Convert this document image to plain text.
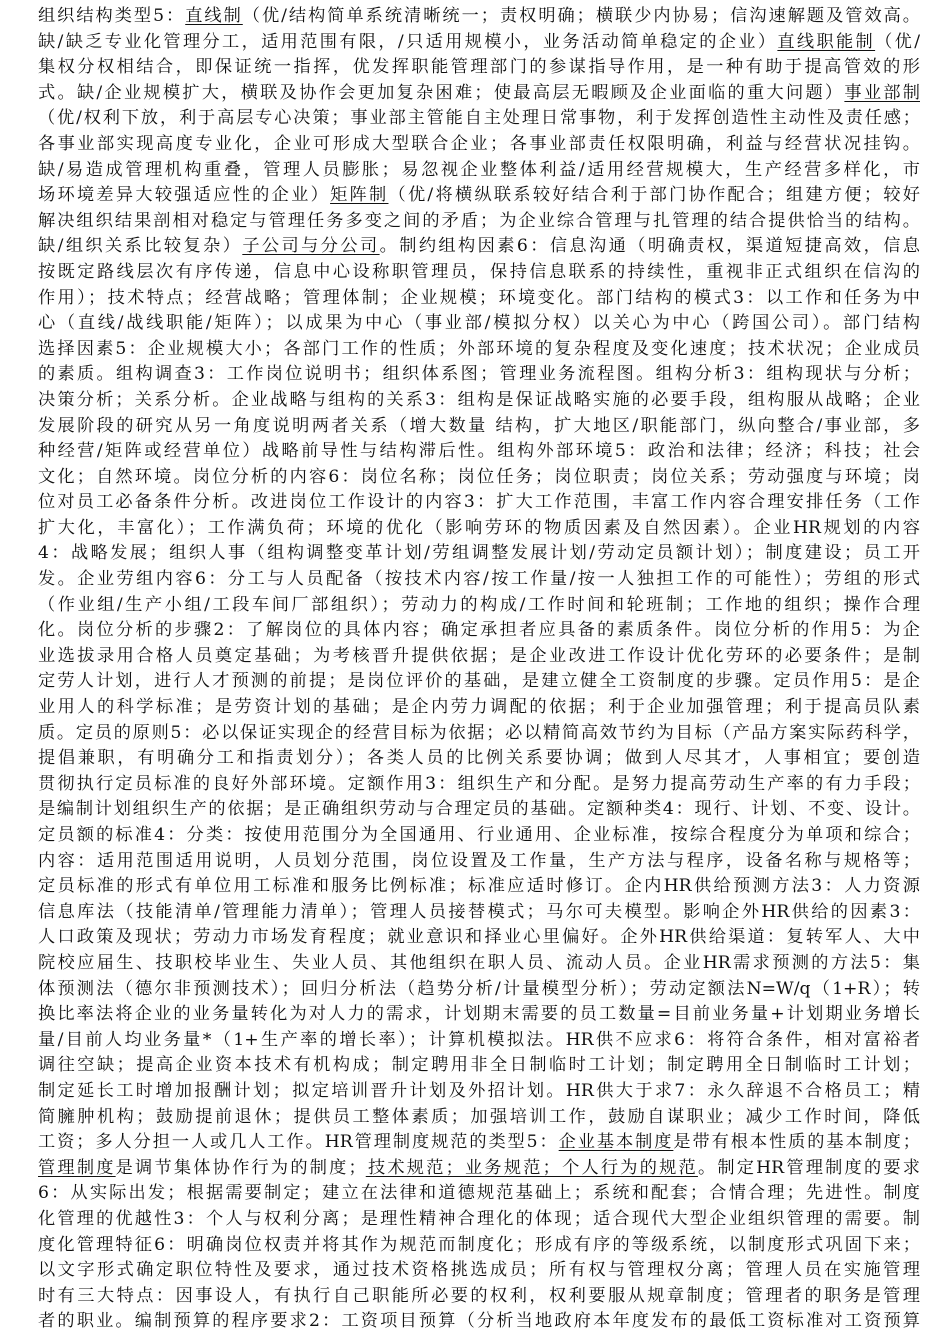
组织结构类型5：直线制（优/结构简单系统清晰统一；责权明确；横联少内协易；信沟速解题及管效高。
缺/缺乏专业化管理分工，适用范围有限，/只适用规模小，业务活动简单稳定的企业）直线职能制（优/
集权分权相结合，即保证统一指挥，优发挥职能管理部门的参谋指导作用，是一种有助于提高管效的形
式。缺/企业规模扩大，横联及协作会更加复杂困难；使最高层无暇顾及企业面临的重大问题）事业部制
（优/权利下放，利于高层专心决策；事业部主管能自主处理日常事物，利于发挥创造性主动性及责任感；
各事业部实现高度专业化，企业可形成大型联合企业；各事业部责任权限明确，利益与经营状况挂钩。
缺/易造成管理机构重叠，管理人员膨胀；易忽视企业整体利益/适用经营规模大，生产经营多样化，市
场环境差异大较强适应性的企业）矩阵制（优/将横纵联系较好结合利于部门协作配合；组建方便；较好
解决组织结果剖相对稳定与管理任务多变之间的矛盾；为企业综合管理与扎管理的结合提供恰当的结构。
缺/组织关系比较复杂）子公司与分公司。制约组构因素6：信息沟通（明确责权，渠道短捷高效，信息
按既定路线层次有序传递，信息中心设称职管理员，保持信息联系的持续性，重视非正式组织在信沟的
作用）；技术特点；经营战略；管理体制；企业规模；环境变化。部门结构的模式3：以工作和任务为中
心（直线/战线职能/矩阵）；以成果为中心（事业部/模拟分权）以关心为中心（跨国公司）。部门结构
选择因素5：企业规模大小；各部门工作的性质；外部环境的复杂程度及变化速度；技术状况；企业成员
的素质。组构调查3：工作岗位说明书；组织体系图；管理业务流程图。组构分析3：组构现状与分析；
决策分析；关系分析。企业战略与组构的关系3：组构是保证战略实施的必要手段，组构服从战略；企业
发展阶段的研究从另一角度说明两者关系（增大数量 结构，扩大地区/职能部门，纵向整合/事业部，多
种经营/矩阵或经营单位）战略前导性与结构滞后性。组构外部环境5：政治和法律；经济；科技；社会
文化；自然环境。岗位分析的内容6：岗位名称；岗位任务；岗位职责；岗位关系；劳动强度与环境；岗
位对员工必备条件分析。改进岗位工作设计的内容3：扩大工作范围，丰富工作内容合理安排任务（工作
扩大化，丰富化）；工作满负荷；环境的优化（影响劳环的物质因素及自然因素）。企业HR规划的内容
4：战略发展；组织人事（组构调整变革计划/劳组调整发展计划/劳动定员额计划）；制度建设；员工开
发。企业劳组内容6：分工与人员配备（按技术内容/按工作量/按一人独担工作的可能性）；劳组的形式
（作业组/生产小组/工段车间厂部组织）；劳动力的构成/工作时间和轮班制；工作地的组织；操作合理
化。岗位分析的步骤2：了解岗位的具体内容；确定承担者应具备的素质条件。岗位分析的作用5：为企
业选拔录用合格人员奠定基础；为考核晋升提供依据；是企业改进工作设计优化劳环的必要条件；是制
定劳人计划，进行人才预测的前提；是岗位评价的基础，是建立健全工资制度的步骤。定员作用5：是企
业用人的科学标准；是劳资计划的基础；是企内劳力调配的依据；利于企业加强管理；利于提高员队素
质。定员的原则5：必以保证实现企的经营目标为依据；必以精简高效节约为目标（产品方案实际药科学，
提倡兼职，有明确分工和指责划分）；各类人员的比例关系要协调；做到人尽其才，人事相宜；要创造
贯彻执行定员标准的良好外部环境。定额作用3：组织生产和分配。是努力提高劳动生产率的有力手段；
是编制计划组织生产的依据；是正确组织劳动与合理定员的基础。定额种类4：现行、计划、不变、设计。
定员额的标准4：分类：按使用范围分为全国通用、行业通用、企业标准，按综合程度分为单项和综合；
内容：适用范围适用说明，人员划分范围，岗位设置及工作量，生产方法与程序，设备名称与规格等；
定员标准的形式有单位用工标准和服务比例标准；标准应适时修订。企内HR供给预测方法3：人力资源
信息库法（技能清单/管理能力清单）；管理人员接替模式；马尔可夫模型。影响企外HR供给的因素3：
人口政策及现状；劳动力市场发育程度；就业意识和择业心里偏好。企外HR供给渠道：复转军人、大中
院校应届生、技职校毕业生、失业人员、其他组织在职人员、流动人员。企业HR需求预测的方法5：集
体预测法（德尔非预测技术）；回归分析法（趋势分析/计量模型分析）；劳动定额法N=W/q（1+R）；转
换比率法将企业的业务量转化为对人力的需求，计划期末需要的员工数量=目前业务量+计划期业务增长
量/目前人均业务量*（1+生产率的增长率）；计算机模拟法。HR供不应求6：将符合条件，相对富裕者
调往空缺；提高企业资本技术有机构成；制定聘用非全日制临时工计划；制定聘用全日制临时工计划；
制定延长工时增加报酬计划；拟定培训晋升计划及外招计划。HR供大于求7：永久辞退不合格员工；精
简臃肿机构；鼓励提前退休；提供员工整体素质；加强培训工作，鼓励自谋职业；减少工作时间，降低
工资；多人分担一人或几人工作。HR管理制度规范的类型5：企业基本制度是带有根本性质的基本制度；
管理制度是调节集体协作行为的制度；技术规范；业务规范；个人行为的规范。制定HR管理制度的要求
6：从实际出发；根据需要制定；建立在法律和道德规范基础上；系统和配套；合情合理；先进性。制度
化管理的优越性3：个人与权利分离；是理性精神合理化的体现；适合现代大型企业组织管理的需要。制
度化管理特征6：明确岗位权责并将其作为规范而制度化；形成有序的等级系统，以制度形式巩固下来；
以文字形式确定职位特性及要求，通过技术资格挑选成员；所有权与管理权分离；管理人员在实施管理
时有三大特点：因事设人，有执行自己职能所必要的权利，权利要服从规章制度；管理者的职务是管理
者的职业。编制预算的程序要求2：工资项目预算（分析当地政府本年度发布的最低工资标准对工资预算
